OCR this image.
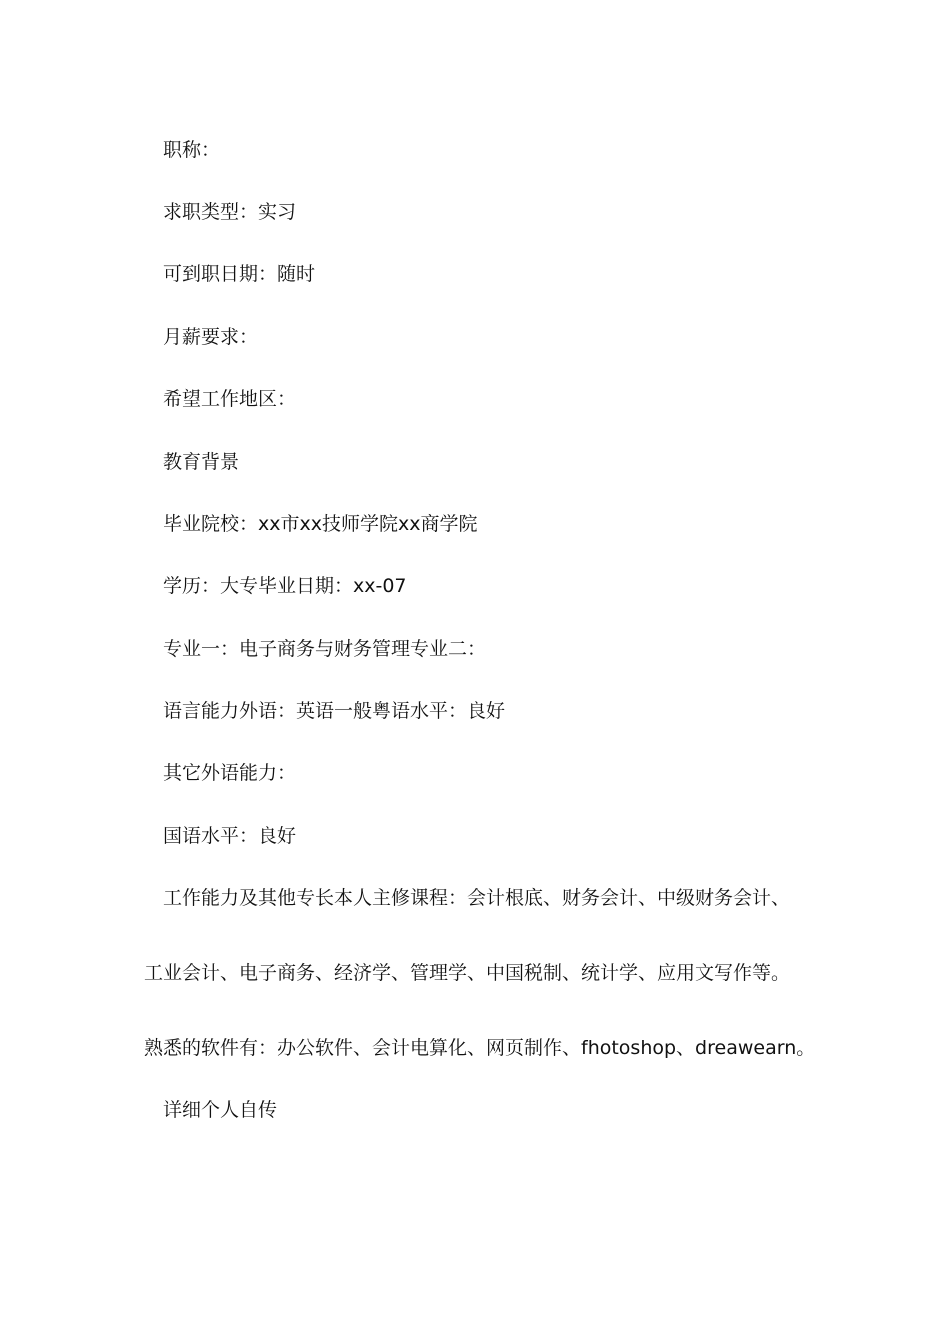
职称：

求职类型：实习

可到职日期：随时

月薪要求：

希望工作地区：

教育背景

毕业院校：xx市xx技师学院xx商学院

学历：大专毕业日期：xx-07

专业一：电子商务与财务管理专业二：

语言能力外语：英语一般粤语水平：良好

其它外语能力：

国语水平：良好

工作能力及其他专长本人主修课程：会计根底、财务会计、中级财务会计、

工业会计、电子商务、经济学、管理学、中国税制、统计学、应用文写作等。

熟悉的软件有：办公软件、会计电算化、网页制作、fhotoshop、dreawearn。

详细个人自传
